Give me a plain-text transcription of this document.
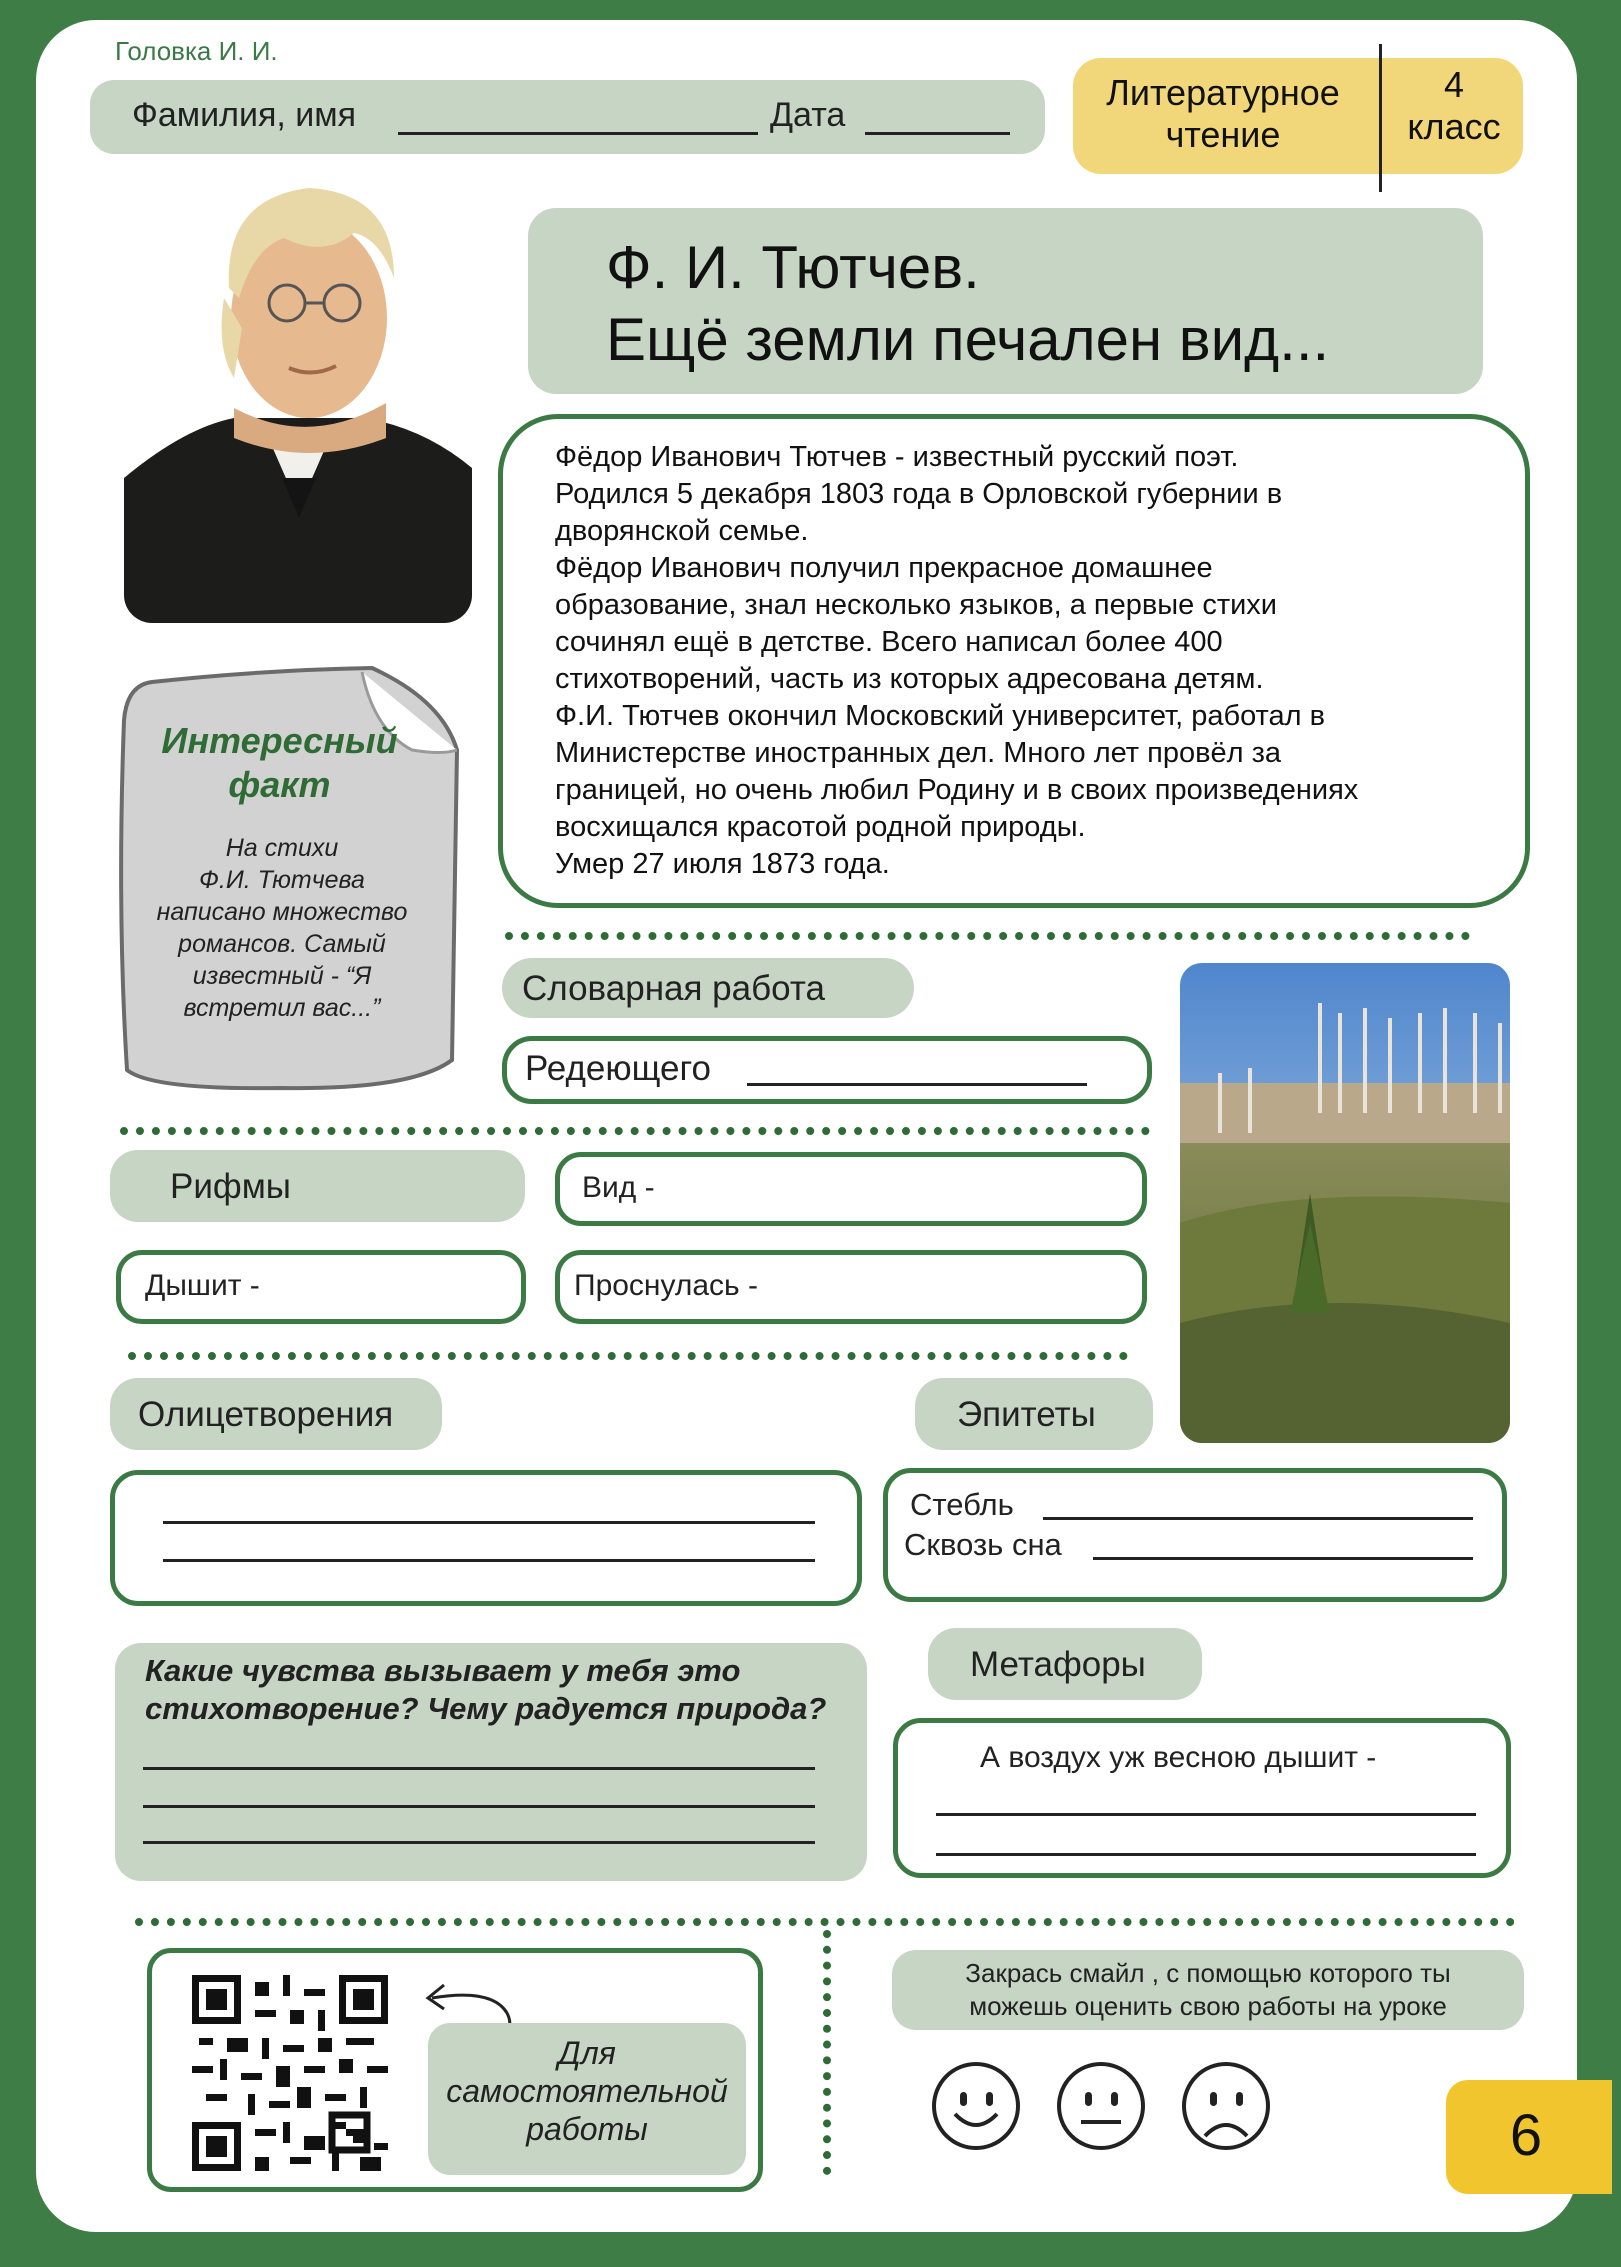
Головка И. И.
Фамилия, имя	Дата
Литературное чтение
4
класс
Ф. И. Тютчев.
Ещё земли печален вид...
Фёдор Иванович Тютчев - известный русский поэт.
Родился 5 декабря 1803 года в Орловской губернии в
дворянской семье.
Фёдор Иванович получил прекрасное домашнее
образование, знал несколько языков, а первые стихи
сочинял ещё в детстве. Всего написал более 400
стихотворений, часть из которых адресована детям.
Ф.И. Тютчев окончил Московский университет, работал в
Министерстве иностранных дел. Много лет провёл за
границей, но очень любил Родину и в своих произведениях
восхищался красотой родной природы.
Умер 27 июля 1873 года.
Интересный
факт
На стихи
Ф.И. Тютчева
написано множество
романсов. Самый
известный - “Я
встретил вас...”	Словарная работа
Редеющего
Рифмы	Вид -
Дышит -	Проснулась -
Олицетворения	Эпитеты
Стебль
Сквозь сна
Какие чувства вызывает у тебя это
стихотворение? Чему радуется природа?
Метафоры
А воздух уж весною дышит -
Для
самостоятельной
работы
Закрась смайл , с помощью которого ты
можешь оценить свою работы на уроке
6
